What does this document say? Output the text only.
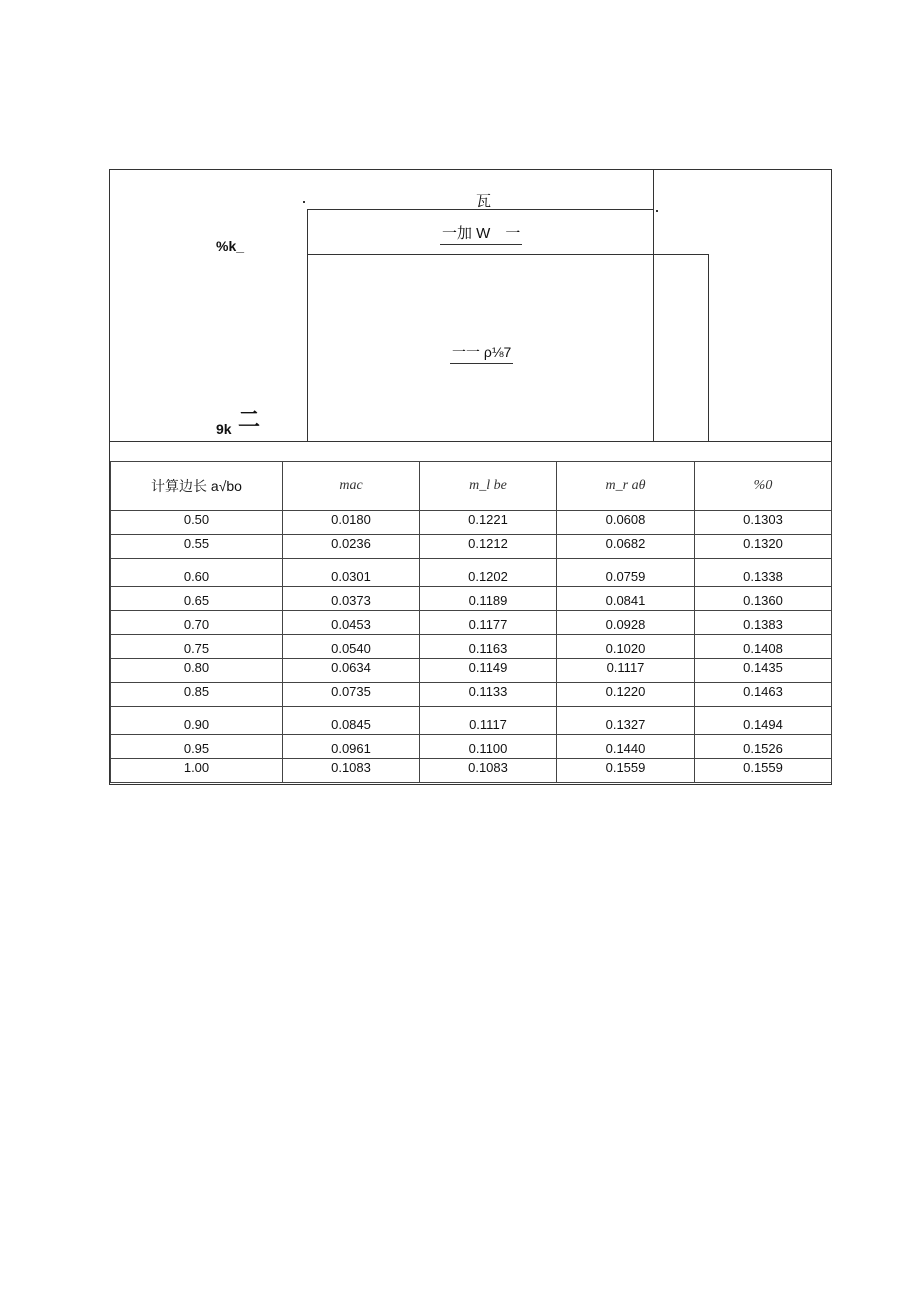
瓦
一加 W　一
一一 ρ⅛7
%k_
9k 二
计算边长 a√bo	mac	m_l be	m_r aθ	%0
0.50	0.0180	0.1221	0.0608	0.1303
0.55	0.0236	0.1212	0.0682	0.1320
0.60	0.0301	0.1202	0.0759	0.1338
0.65	0.0373	0.1189	0.0841	0.1360
0.70	0.0453	0.1177	0.0928	0.1383
0.75	0.0540	0.1163	0.1020	0.1408
0.80	0.0634	0.1149	0.1117	0.1435
0.85	0.0735	0.1133	0.1220	0.1463
0.90	0.0845	0.1117	0.1327	0.1494
0.95	0.0961	0.1100	0.1440	0.1526
1.00	0.1083	0.1083	0.1559	0.1559
